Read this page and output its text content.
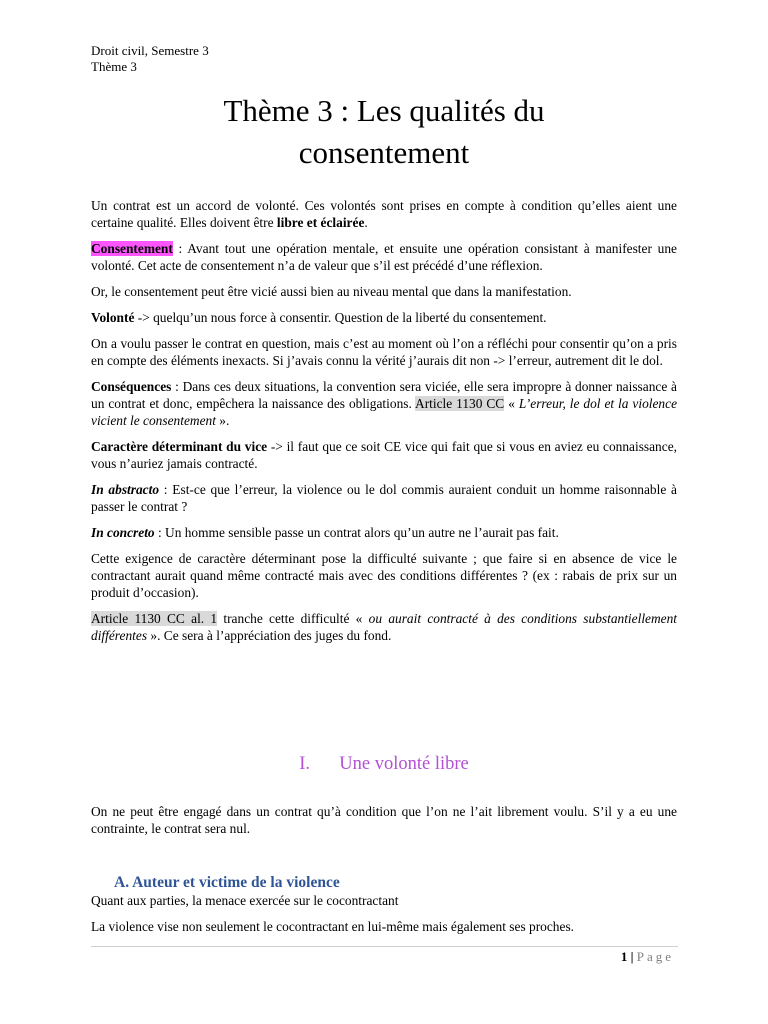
Droit civil, Semestre 3
Thème 3
Thème 3 : Les qualités du
consentement

Un contrat est un accord de volonté. Ces volontés sont prises en compte à condition qu’elles aient une certaine qualité. Elles doivent être libre et éclairée.

Consentement : Avant tout une opération mentale, et ensuite une opération consistant à manifester une volonté. Cet acte de consentement n’a de valeur que s’il est précédé d’une réflexion.

Or, le consentement peut être vicié aussi bien au niveau mental que dans la manifestation.

Volonté -> quelqu’un nous force à consentir. Question de la liberté du consentement.

On a voulu passer le contrat en question, mais c’est au moment où l’on a réfléchi pour consentir qu’on a pris en compte des éléments inexacts. Si j’avais connu la vérité j’aurais dit non -> l’erreur, autrement dit le dol.

Conséquences : Dans ces deux situations, la convention sera viciée, elle sera impropre à donner naissance à un contrat et donc, empêchera la naissance des obligations. Article 1130 CC « L’erreur, le dol et la violence vicient le consentement ».

Caractère déterminant du vice -> il faut que ce soit CE vice qui fait que si vous en aviez eu connaissance, vous n’auriez jamais contracté.

In abstracto : Est-ce que l’erreur, la violence ou le dol commis auraient conduit un homme raisonnable à passer le contrat ?

In concreto : Un homme sensible passe un contrat alors qu’un autre ne l’aurait pas fait.

Cette exigence de caractère déterminant pose la difficulté suivante ; que faire si en absence de vice le contractant aurait quand même contracté mais avec des conditions différentes ? (ex : rabais de prix sur un produit d’occasion).

Article 1130 CC al. 1 tranche cette difficulté « ou aurait contracté à des conditions substantiellement différentes ». Ce sera à l’appréciation des juges du fond.

I. Une volonté libre

On ne peut être engagé dans un contrat qu’à condition que l’on ne l’ait librement voulu. S’il y a eu une contrainte, le contrat sera nul.

A. Auteur et victime de la violence
Quant aux parties, la menace exercée sur le cocontractant
La violence vise non seulement le cocontractant en lui-même mais également ses proches.
1 | Page
